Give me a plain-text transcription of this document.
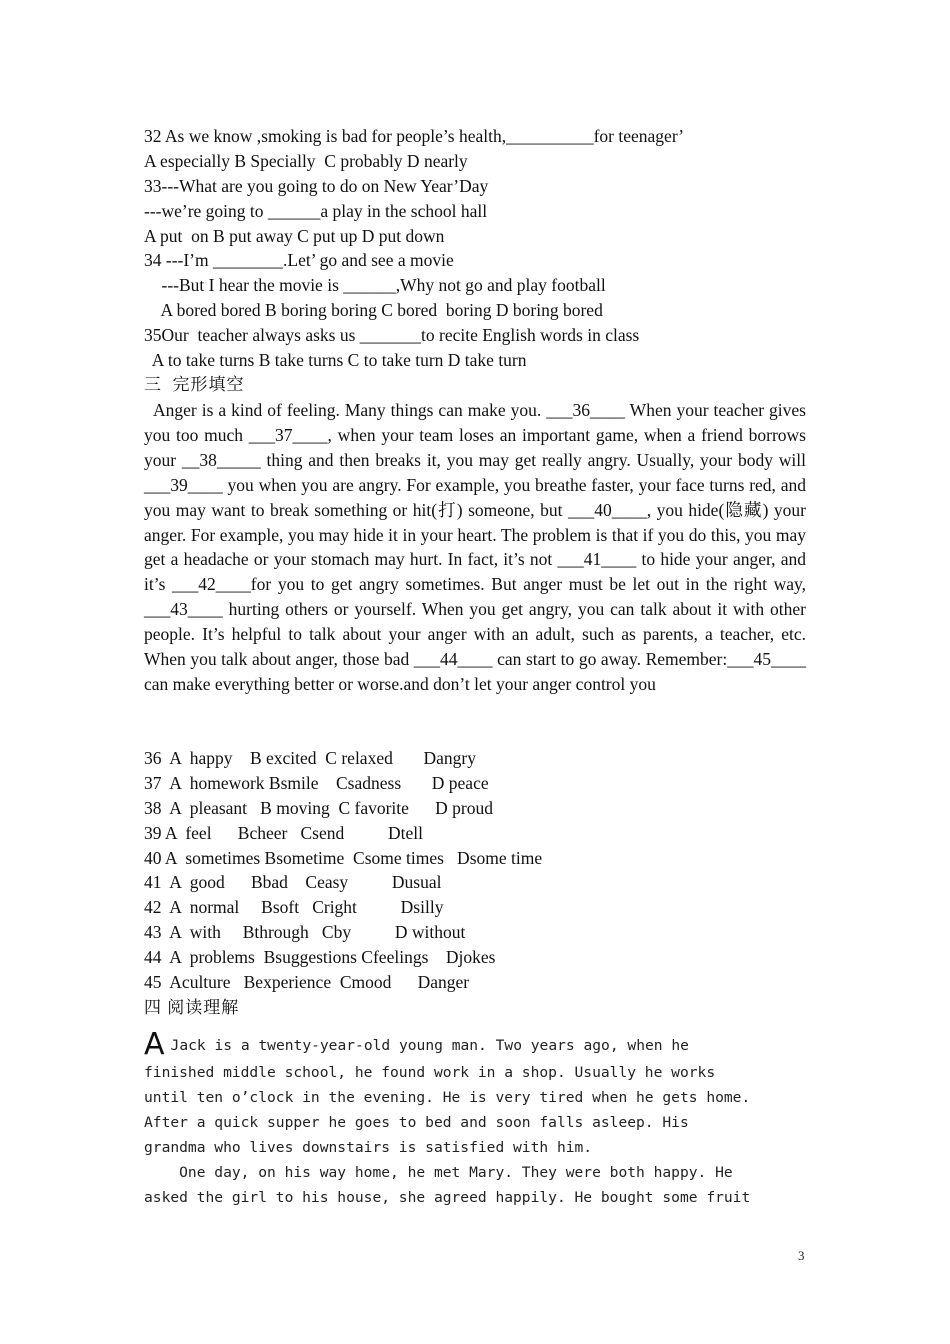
32 As we know ,smoking is bad for people’s health,__________for teenager’
A especially B Specially  C probably D nearly
33---What are you going to do on New Year’Day
---we’re going to ______a play in the school hall
A put  on B put away C put up D put down
34 ---I’m ________.Let’ go and see a movie
---But I hear the movie is ______,Why not go and play football
A bored bored B boring boring C bored  boring D boring bored
35Our  teacher always asks us _______to recite English words in class
A to take turns B take turns C to take turn D take turn
三  完形填空
Anger is a kind of feeling. Many things can make you. ___36____ When your teacher gives you too much ___37____, when your team loses an important game, when a friend borrows your __38_____ thing and then breaks it, you may get really angry. Usually, your body will ___39____ you when you are angry. For example, you breathe faster, your face turns red, and you may want to break something or hit(打) someone, but ___40____, you hide(隐藏) your anger. For example, you may hide it in your heart. The problem is that if you do this, you may get a headache or your stomach may hurt. In fact, it’s not ___41____ to hide your anger, and it’s ___42____for you to get angry sometimes. But anger must be let out in the right way, ___43____ hurting others or yourself. When you get angry, you can talk about it with other people. It’s helpful to talk about your anger with an adult, such as parents, a teacher, etc. When you talk about anger, those bad ___44____ can start to go away. Remember:___45____ can make everything better or worse.and don’t let your anger control you
36  A  happy    B excited  C relaxed       Dangry
37  A  homework Bsmile    Csadness       D peace
38  A  pleasant   B moving  C favorite      D proud
39 A  feel      Bcheer   Csend          Dtell
40 A  sometimes Bsometime  Csome times   Dsome time
41  A  good      Bbad    Ceasy          Dusual
42  A  normal     Bsoft   Cright          Dsilly
43  A  with     Bthrough   Cby          D without
44  A  problems  Bsuggestions Cfeelings    Djokes
45  Aculture   Bexperience  Cmood      Danger
四 阅读理解

A Jack is a twenty-year-old young man. Two years ago, when he

finished middle school, he found work in a shop. Usually he works

until ten o’clock in the evening. He is very tired when he gets home.

After a quick supper he goes to bed and soon falls asleep. His

grandma who lives downstairs is satisfied with him.

One day, on his way home, he met Mary. They were both happy. He

asked the girl to his house, she agreed happily. He bought some fruit

3
